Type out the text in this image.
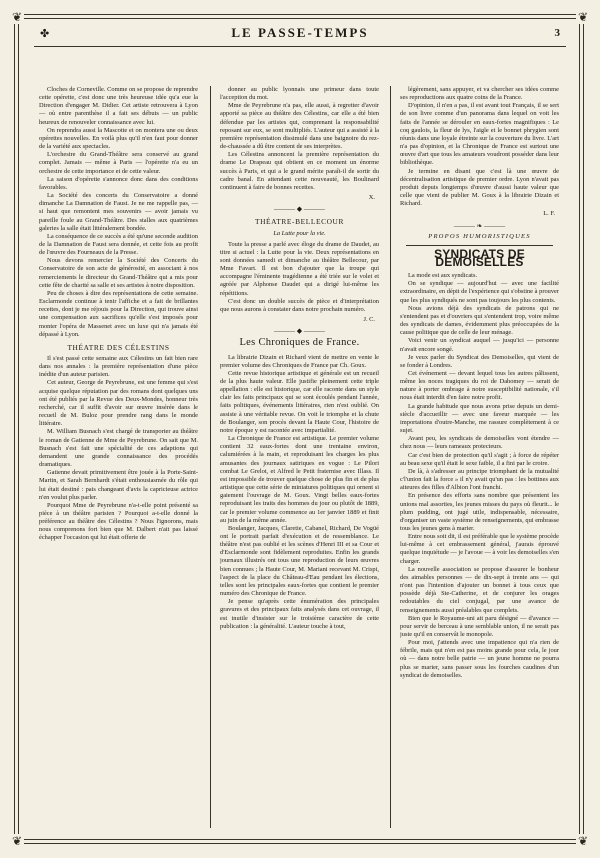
❦	❦
❦	❦
✤	LE PASSE-TEMPS	3

Cloches de Corneville. Comme on se propose de reprendre cette opérette, c'est donc une très heureuse idée qu'a eue la Direction d'engager M. Didier. Cet artiste retrouvera à Lyon — où entre parenthèse il a fait ses débuts — un public heureux de renouveler connaissance avec lui.

On reprendra aussi la Mascotte et on montera une ou deux opérettes nouvelles. En voilà plus qu'il n'en faut pour donner de la variété aux spectacles.

L'orchestre du Grand-Théâtre sera conservé au grand complet. Jamais — même à Paris — l'opérette n'a eu un orchestre de cette importance et de cette valeur.

La saison d'opérette s'annonce donc dans des conditions favorables.

La Société des concerts du Conservatoire a donné dimanche La Damnation de Faust. Je ne me rappelle pas, — si haut que remontent mes souvenirs — avoir jamais vu pareille foule au Grand-Théâtre. Des stalles aux quatrièmes galeries la salle était littéralement bondée.

La conséquence de ce succès a été qu'une seconde audition de la Damnation de Faust sera donnée, et cette fois au profit de l'œuvre des Fourneaux de la Presse.

Nous devons remercier la Société des Concerts du Conservatoire de son acte de générosité, en associant à nos remerciements le directeur du Grand-Théâtre qui a mis pour cette fête de charité sa salle et ses artistes à notre disposition.

Peu de choses à dire des représentations de cette semaine. Esclarmonde continue à tenir l'affiche et a fait de brillantes recettes, dont je me réjouis pour la Direction, qui trouve ainsi une compensation aux sacrifices qu'elle s'est imposés pour monter l'opéra de Massenet avec un luxe qui n'a jamais été dépassé à Lyon.

THÉATRE DES CÉLESTINS

Il s'est passé cette semaine aux Célestins un fait bien rare dans nos annales : la première représentation d'une pièce inédite d'un auteur parisien.

Cet auteur, George de Peyrebrune, est une femme qui s'est acquise quelque réputation par des romans dont quelques uns ont été publiés par la Revue des Deux-Mondes, honneur très recherché, car il suffit d'avoir sur œuvre insérée dans le recueil de M. Buloz pour prendre rang dans le monde littéraire.

M. William Busnach s'est chargé de transporter au théâtre le roman de Gatienne de Mme de Peyrebrune. On sait que M. Busnach s'est fait une spécialité de ces adaptions qui demandent une grande connaissance des procédés dramatiques.

Gatienne devait primitivement être jouée à la Porte-Saint-Martin, et Sarah Bernhardt s'était enthousiasmée du rôle qui lui était destiné : pais changeant d'avis la capricieuse actrice n'en voulut plus parler.

Pourquoi Mme de Peyrebrune n'a-t-elle point présenté sa pièce à un théâtre parisien ? Pourquoi a-t-elle donné la préférence au théâtre des Célestins ? Nous l'ignorons, mais nous comprenons fort bien que M. Dalbert n'ait pas laissé échapper l'occasion qui lui était offerte de

donner au public lyonnais une primeur dans toute l'acception du mot.

Mme de Peyrebrune n'a pas, elle aussi, à regretter d'avoir apporté sa pièce au théâtre des Célestins, car elle a été bien défendue par les artistes qui, comprenant la responsabilité reposant sur eux, se sont multipliés. L'auteur qui a assisté à la première représentation dissimulé dans une baignoire du rez-de-chaussée a dû être content de ses interprètes.

Les Célestins annoncent la première représentation du drame Le Drapeau qui obtient en ce moment un énorme succès à Paris, et qui a le grand mérite paraît-il de sortir du cadre banal. En attendant cette nouveauté, les Boulinard continuent à faire de bonnes recettes.

X.

——— ◆ ———
THÉATRE-BELLECOUR

La Lutte pour la vie.

Toute la presse a parlé avec éloge du drame de Daudet, au titre si actuel : la Lutte pour la vie. Deux représentations en sont données samedi et dimanche au théâtre Bellecour, par Mme Favart. Il est bon d'ajouter que la troupe qui accompagne l'éminente tragédienne a été triée sur le volet et agréée par Alphonse Daudet qui a dirigé lui-même les répétitions.

C'est donc un double succès de pièce et d'interprétation que nous aurons à constater dans notre prochain numéro.

J. C.

——— ◆ ———
Les Chroniques de France.

La librairie Dizain et Richard vient de mettre en vente le premier volume des Chroniques de France par Ch. Goux.

Cette revue historique artistique et générale est un recueil de la plus haute valeur. Elle justifie pleinement cette triple appellation : elle est historique, car elle raconte dans un style clair les faits principaux qui se sont écoulés pendant l'année, faits politiques, événements littéraires, rien n'est oublié. On assiste à une véritable revue. On voit le triomphe et la chute de Boulanger, son procès devant la Haute Cour, l'histoire de notre époque y est racontée avec impartialité.

La Chronique de France est artistique. Le premier volume contient 32 eaux-fortes dont une trentaine environ, calumiérées à la main, et reproduisant les charges les plus amusantes des journaux satiriques en vogue : Le Pilori combat Le Grelot, et Alfred le Petit fraternise avec Illass. Il est impossible de trouver quelque chose de plus fin et de plus artistique que cette série de miniatures politiques qui ornent si gaiement l'ouvrage de M. Goux. Vingt belles eaux-fortes reproduisant les traits des hommes du jour ou plutôt de 1889, car le premier volume commence au 1er janvier 1889 et finit au juin de la même année.

Boulanger, Jacques, Claretie, Cabanel, Richard, De Vogüé ont le portrait parfait d'exécution et de ressemblance. Le théâtre n'est pas oublié et les scènes d'Henri III et sa Cour et d'Esclarmonde sont fidèlement reproduites. Enfin les grands journaux illustrés ont tous une reproduction de leurs œuvres bien connues ; la Haute Cour, M. Mariani recevant M. Crispi, l'aspect de la place du Château-d'Eau pendant les élections, telles sont les principales eaux-fortes que contient le premier numéro des Chronique de France.

Je pense qu'après cette énumération des principales gravures et des principaux faits analysés dans cet ouvrage, il est inutile d'insister sur le troisième caractère de cette publication : la généralité. L'auteur touche à tout,

légèrement, sans appuyer, et va chercher ses idées comme ses reproductions aux quatre coins de la France.

D'opinion, il n'en a pas, il est avant tout Français, il se sert de son livre comme d'un panorama dans lequel on voit les faits de l'année se dérouler en eaux-fortes magnifiques : Le coq gaulois, la fleur de lys, l'aigle et le bonnet phrygien sont réunis dans une loyale étreinte sur la couverture du livre. L'art n'a pas d'opinion, et la Chronique de France est surtout une œuvre d'art que tous les amateurs voudront posséder dans leur bibliothèque.

Je termine en disant que c'est là une œuvre de décentralisation artistique de premier ordre. Lyon n'avait pas produit depuis longtemps d'œuvre d'aussi haute valeur que celle que vient de publier M. Goux à la librairie Dizain et Richard.

L. F.

——— ❧ ———
PROPOS HUMORISTIQUES
SYNDICATS DE DEMOISELLES

La mode est aux syndicats.

On se syndique — aujourd'hui — avec une facilité extraordinaire, en dépit de l'expérience qui s'obstine à prouver que les plus syndiqués ne sont pas toujours les plus contents.

Nous avions déjà des syndicats de patrons qui ne s'entendent pas et d'ouvriers qui s'entendent trop, voire même des syndicats de dames, évidemment plus préoccupées de la cause politique que de celle de leur ménage.

Voici venir un syndicat auquel — jusqu'ici — personne n'avait encore songé.

Je veux parler du Syndicat des Demoiselles, qui vient de se fonder à Londres.

Cet événement — devant lequel tous les autres pâlissent, même les noces tragiques du roi de Dahomey — serait de nature à porter ombrage à notre susceptibilité nationale, s'il nous était interdit d'en faire notre profit.

La grande habitude que nous avons prise depuis un demi-siècle d'accueillir — avec une faveur marquée — les importations d'outre-Manche, me rassure complètement à ce sujet.

Avant peu, les syndicats de demoiselles vont étendre — chez nous — leurs rameaux protecteurs.

Car c'est bien de protection qu'il s'agit ; à force de répéter au beau sexe qu'il était le sexe faible, il a fini par le croire.

De là, à s'adresser au principe triomphant de la mutualité c'l'union fait la force » il n'y avait qu'un pas : les bottines aux aiteures des filles d'Albion l'ont franchi.

En présence des efforts sans nombre que présentent les unions mal assorties, les jeunes misses du pays où fleurit... le plum pudding, ont jugé utile, indispensable, nécessaire, d'organiser un vaste système de renseignements, qui embrasse tous les jeunes gens à marier.

Entre nous soit dit, il est préférable que le système procède lui-même à cet embrassement général, j'aurais éprouvé quelque inquiétude — je l'avoue — à voir les demoiselles s'en charger.

La nouvelle association se propose d'assurer le bonheur des aimables personnes — de dix-sept à trente ans — qui n'ont pas l'intention d'ajouter un bonnet à tous ceux que possède déjà Ste-Catherine, et de conjurer les orages redoutables du ciel conjugal, par une avance de renseignements aussi préalables que complets.

Bien que le Royaume-uni ait paru désigné — d'avance — pour servir de berceau à une semblable union, il ne serait pas juste qu'il en conservât le monopole.

Pour moi, j'attends avec une impatience qui n'a rien de fébrile, mais qui n'en est pas moins grande pour cela, le jour où — dans notre belle patrie — un jeune homme ne pourra plus se marier, sans passer sous les fourches caudines d'un syndicat de demoiselles.
